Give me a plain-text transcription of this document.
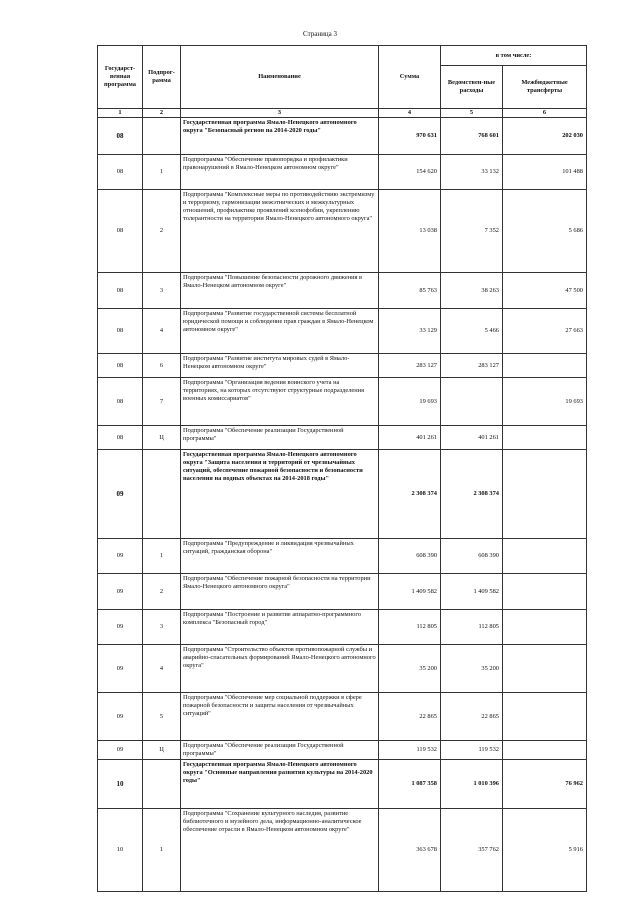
Страница 3
Государст-венная программа	Подпрог-рамма	Наименование	Сумма	в том числе:	
				Ведомствен-ные расходы	Межбюджетные трансферты
1	2	3	4	5	6
08		Государственная программа Ямало-Ненецкого автономного округа "Безопасный регион на 2014-2020 годы"	970 631	768 601	202 030
08	1	Подпрограмма "Обеспечение правопорядка и профилактики правонарушений в Ямало-Ненецком автономном округе"	154 620	33 132	101 488
08	2	Подпрограмма "Комплексные меры по противодействию экстремизму и терроризму, гармонизации межэтнических и межкультурных отношений, профилактике проявлений ксенофобии, укреплению толерантности на территории Ямало-Ненецкого автономного округа"	13 038	7 352	5 686
08	3	Подпрограмма "Повышение безопасности дорожного движения в Ямало-Ненецком автономном округе"	85 763	38 263	47 500
08	4	Подпрограмма "Развитие государственной системы бесплатной юридической помощи и соблюдение прав граждан в Ямало-Ненецком автономном округе"	33 129	5 466	27 663
08	6	Подпрограмма "Развитие института мировых судей в Ямало-Ненецком автономном округе"	283 127	283 127	
08	7	Подпрограмма "Организация ведения воинского учета на территориях, на которых отсутствуют структурные подразделения военных комиссариатов"	19 693		19 693
08	Ц	Подпрограмма "Обеспечение реализации Государственной программы"	401 261	401 261	
09		Государственная программа Ямало-Ненецкого автономного округа "Защита населения и территорий от чрезвычайных ситуаций, обеспечение пожарной безопасности и безопасности населения на водных объектах на 2014-2018 годы"	2 308 374	2 308 374	
09	1	Подпрограмма "Предупреждение и ликвидация чрезвычайных ситуаций, гражданская оборона"	608 390	608 390	
09	2	Подпрограмма "Обеспечение пожарной безопасности на территории Ямало-Ненецкого автономного округа"	1 409 582	1 409 582	
09	3	Подпрограмма "Построение и развитие аппаратно-программного комплекса "Безопасный город"	112 805	112 805	
09	4	Подпрограмма "Строительство объектов противопожарной службы и аварийно-спасательных формирований Ямало-Ненецкого автономного округа"	35 200	35 200	
09	5	Подпрограмма "Обеспечение мер социальной поддержки в сфере пожарной безопасности и защиты населения от чрезвычайных ситуаций"	22 865	22 865	
09	Ц	Подпрограмма "Обеспечение реализации Государственной программы"	119 532	119 532	
10		Государственная программа Ямало-Ненецкого автономного округа "Основные направления развития культуры на 2014-2020 годы"	1 087 358	1 010 396	76 962
10	1	Подпрограмма "Сохранение культурного наследия, развитие библиотечного и музейного дела, информационно-аналитическое обеспечение отрасли в Ямало-Ненецком автономном округе"	363 678	357 762	5 916
